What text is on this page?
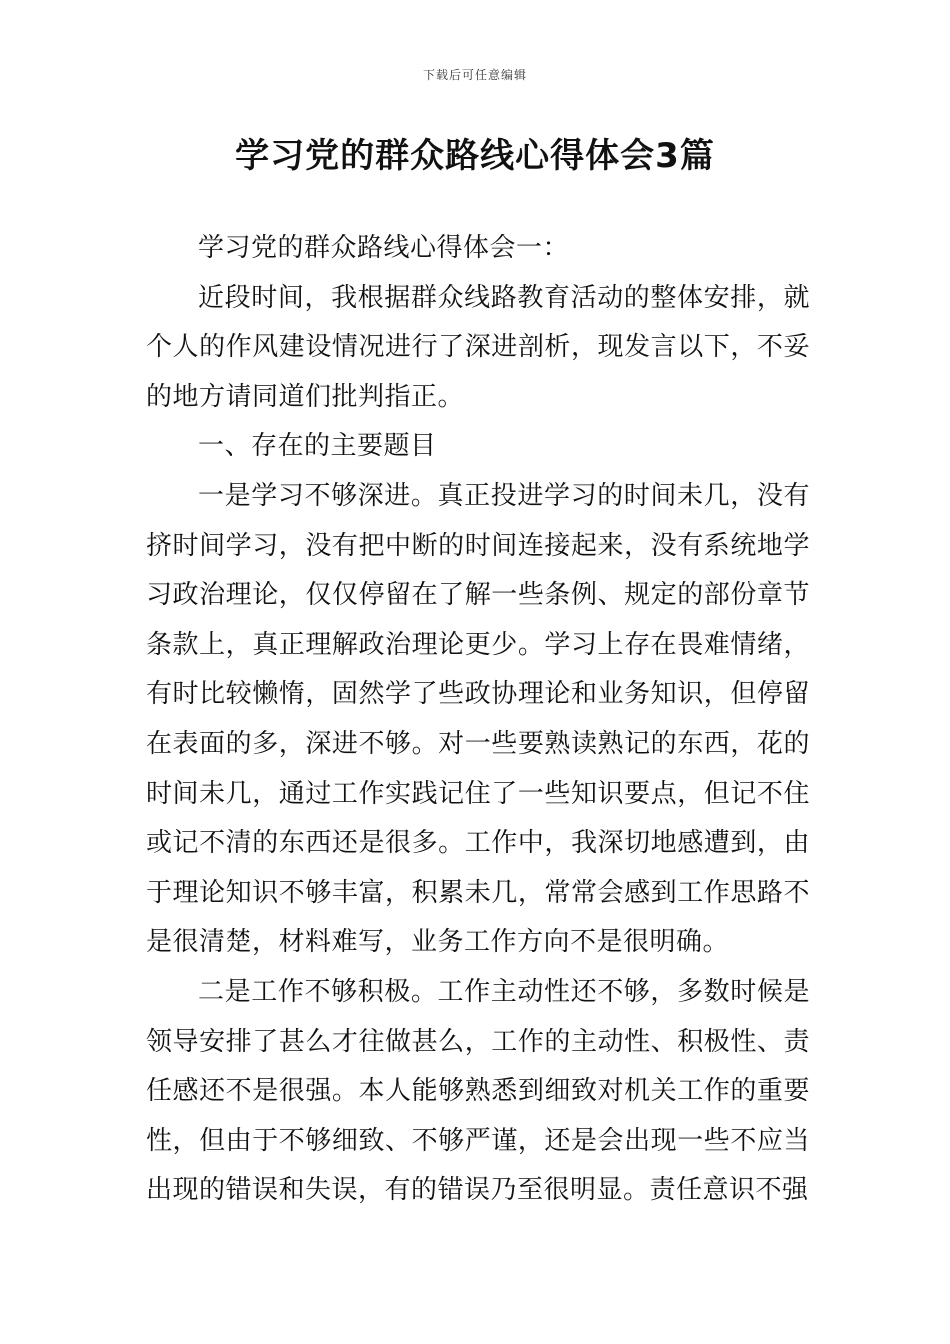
下载后可任意编辑
学习党的群众路线心得体会3篇

学习党的群众路线心得体会一：

近段时间，我根据群众线路教育活动的整体安排，就个人的作风建设情况进行了深进剖析，现发言以下，不妥的地方请同道们批判指正。

一、存在的主要题目

一是学习不够深进。真正投进学习的时间未几，没有挤时间学习，没有把中断的时间连接起来，没有系统地学习政治理论，仅仅停留在了解一些条例、规定的部份章节条款上，真正理解政治理论更少。学习上存在畏难情绪，有时比较懒惰，固然学了些政协理论和业务知识，但停留在表面的多，深进不够。对一些要熟读熟记的东西，花的时间未几，通过工作实践记住了一些知识要点，但记不住或记不清的东西还是很多。工作中，我深切地感遭到，由于理论知识不够丰富，积累未几，常常会感到工作思路不是很清楚，材料难写，业务工作方向不是很明确。

二是工作不够积极。工作主动性还不够，多数时候是领导安排了甚么才往做甚么，工作的主动性、积极性、责任感还不是很强。本人能够熟悉到细致对机关工作的重要性，但由于不够细致、不够严谨，还是会出现一些不应当出现的错误和失误，有的错误乃至很明显。责任意识不强
